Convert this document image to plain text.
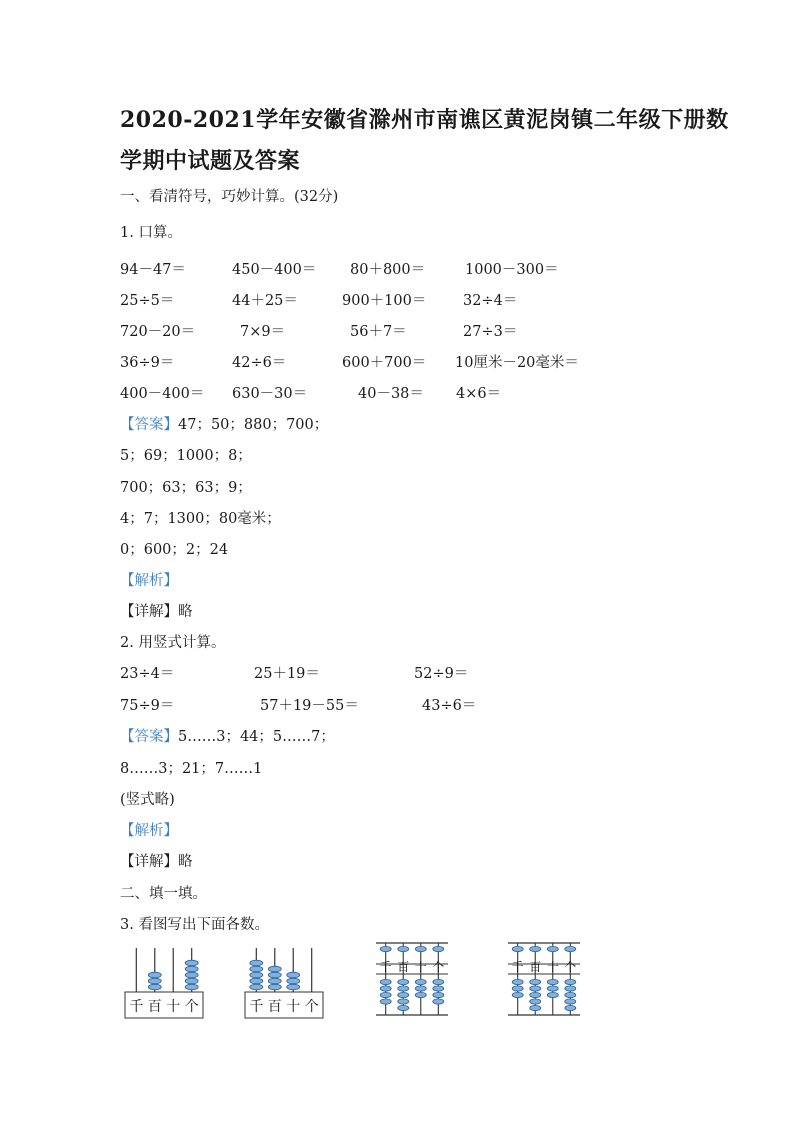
2020-2021学年安徽省滁州市南谯区黄泥岗镇二年级下册数
学期中试题及答案
一、看清符号，巧妙计算。(32分)
1. 口算。
94－47＝	450－400＝ 80＋800＝	1000－300＝
25÷5＝	44＋25＝	900＋100＝	32÷4＝
720－20＝	7×9＝	56＋7＝	27÷3＝
36÷9＝	42÷6＝	600＋700＝ 10厘米－20毫米＝
400－400＝ 630－30＝	40－38＝ 4×6＝
【答案】47；50；880；700；
5；69；1000；8；
700；63；63；9；
4；7；1300；80毫米；
0；600；2；24
【解析】
【详解】略
2. 用竖式计算。
23÷4＝	25＋19＝	52÷9＝
75÷9＝	57＋19－55＝	43÷6＝
【答案】5……3；44；5……7；
8……3；21；7……1
(竖式略)
【解析】
【详解】略
二、填一填。
3. 看图写出下面各数。
千 百 十 个	千 百 十 个
千 百 十 个	千 百 十 个
